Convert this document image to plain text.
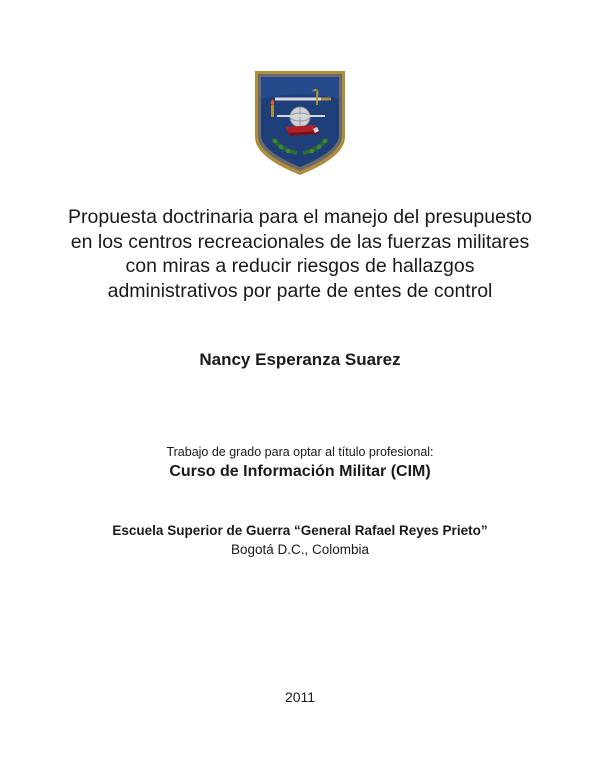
Propuesta doctrinaria para el manejo del presupuesto en los centros recreacionales de las fuerzas militares con miras a reducir riesgos de hallazgos administrativos por parte de entes de control
Nancy Esperanza Suarez
Trabajo de grado para optar al título profesional:
Curso de Información Militar (CIM)
Escuela Superior de Guerra “General Rafael Reyes Prieto”
Bogotá D.C., Colombia
2011
